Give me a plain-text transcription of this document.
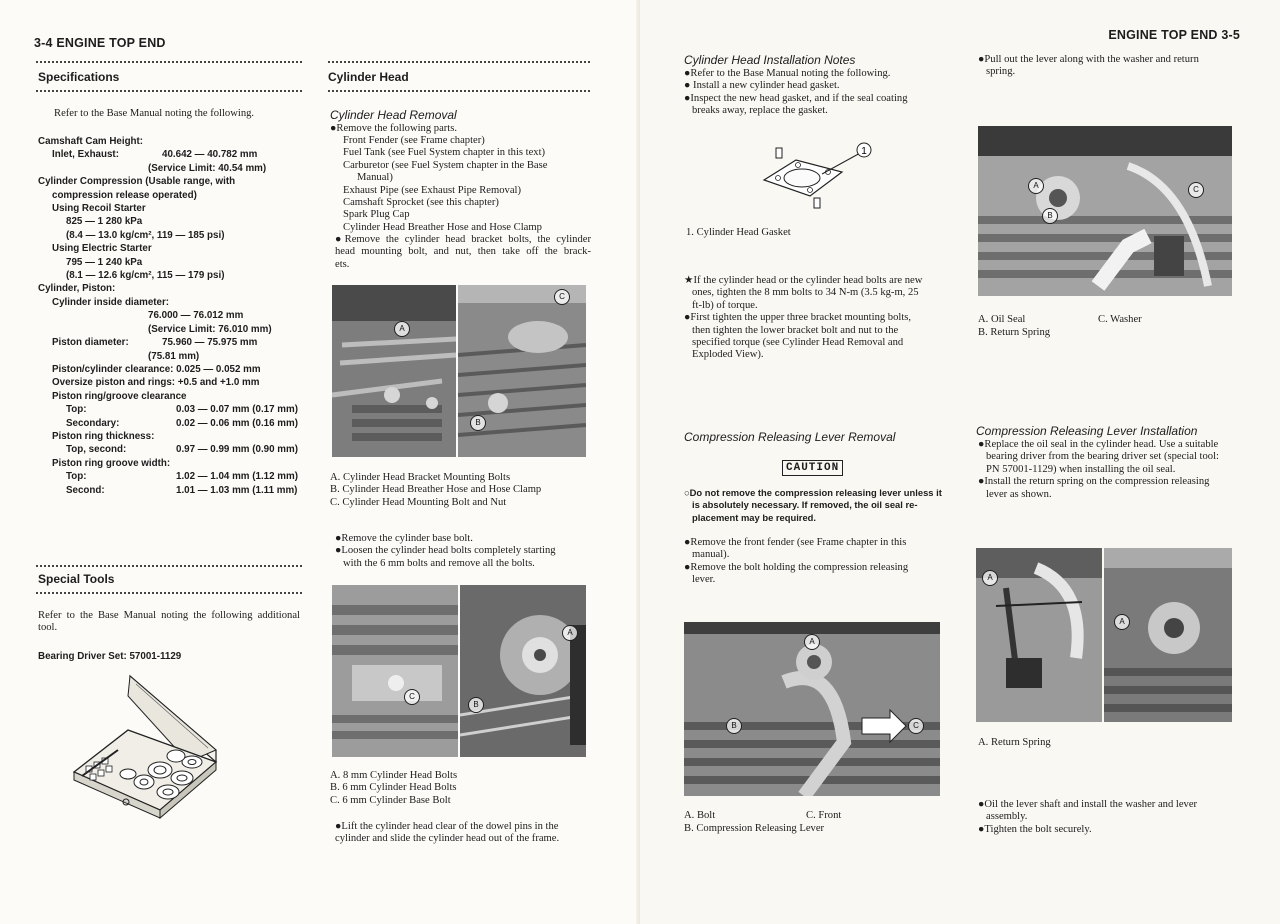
3-4 ENGINE TOP END
Specifications
Refer to the Base Manual noting the following.
Camshaft Cam Height:
Inlet, Exhaust:	40.642 — 40.782 mm
(Service Limit: 40.54 mm)
Cylinder Compression (Usable range, with
compression release operated)
Using Recoil Starter
825 — 1 280 kPa
(8.4 — 13.0 kg/cm², 119 — 185 psi)
Using Electric Starter
795 — 1 240 kPa
(8.1 — 12.6 kg/cm², 115 — 179 psi)
Cylinder, Piston:
Cylinder inside diameter:
76.000 — 76.012 mm
(Service Limit: 76.010 mm)
Piston diameter:	75.960 — 75.975 mm
(75.81 mm)
Piston/cylinder clearance: 0.025 — 0.052 mm
Oversize piston and rings: +0.5 and +1.0 mm
Piston ring/groove clearance
Top:	0.03 — 0.07 mm (0.17 mm)
Secondary:	0.02 — 0.06 mm (0.16 mm)
Piston ring thickness:
Top, second:	0.97 — 0.99 mm (0.90 mm)
Piston ring groove width:
Top:	1.02 — 1.04 mm (1.12 mm)
Second:	1.01 — 1.03 mm (1.11 mm)
Special Tools
Refer to the Base Manual noting the following additional tool.
Bearing Driver Set: 57001-1129
Cylinder Head
Cylinder Head Removal
●Remove the following parts.
Front Fender (see Frame chapter)
Fuel Tank (see Fuel System chapter in this text)
Carburetor (see Fuel System chapter in the Base
Manual)
Exhaust Pipe (see Exhaust Pipe Removal)
Camshaft Sprocket (see this chapter)
Spark Plug Cap
Cylinder Head Breather Hose and Hose Clamp
●Remove the cylinder head bracket bolts, the cylinder
head mounting bolt, and nut, then take off the brack-
ets.
A
C
B
A. Cylinder Head Bracket Mounting Bolts
B. Cylinder Head Breather Hose and Hose Clamp
C. Cylinder Head Mounting Bolt and Nut
●Remove the cylinder base bolt.
●Loosen the cylinder head bolts completely starting
with the 6 mm bolts and remove all the bolts.
C
A
B
A. 8 mm Cylinder Head Bolts
B. 6 mm Cylinder Head Bolts
C. 6 mm Cylinder Base Bolt
●Lift the cylinder head clear of the dowel pins in the
cylinder and slide the cylinder head out of the frame.
ENGINE TOP END 3-5
Cylinder Head Installation Notes
●Refer to the Base Manual noting the following.
● Install a new cylinder head gasket.
●Inspect the new head gasket, and if the seal coating
breaks away, replace the gasket.
1
1. Cylinder Head Gasket
★If the cylinder head or the cylinder head bolts are new
ones, tighten the 8 mm bolts to 34 N-m (3.5 kg-m, 25
ft-lb) of torque.
●First tighten the upper three bracket mounting bolts,
then tighten the lower bracket bolt and nut to the
specified torque (see Cylinder Head Removal and
Exploded View).
●Pull out the lever along with the washer and return
spring.
A
B
C
A. Oil Seal
B. Return Spring
C. Washer
Compression Releasing Lever Removal
CAUTION
○Do not remove the compression releasing lever unless it
is absolutely necessary. If removed, the oil seal re-
placement may be required.
●Remove the front fender (see Frame chapter in this
manual).
●Remove the bolt holding the compression releasing
lever.
A
B	C
A. Bolt
B. Compression Releasing Lever
C. Front
Compression Releasing Lever Installation
●Replace the oil seal in the cylinder head. Use a suitable
bearing driver from the bearing driver set (special tool:
PN 57001-1129) when installing the oil seal.
●Install the return spring on the compression releasing
lever as shown.
A
A
A. Return Spring
●Oil the lever shaft and install the washer and lever
assembly.
●Tighten the bolt securely.
